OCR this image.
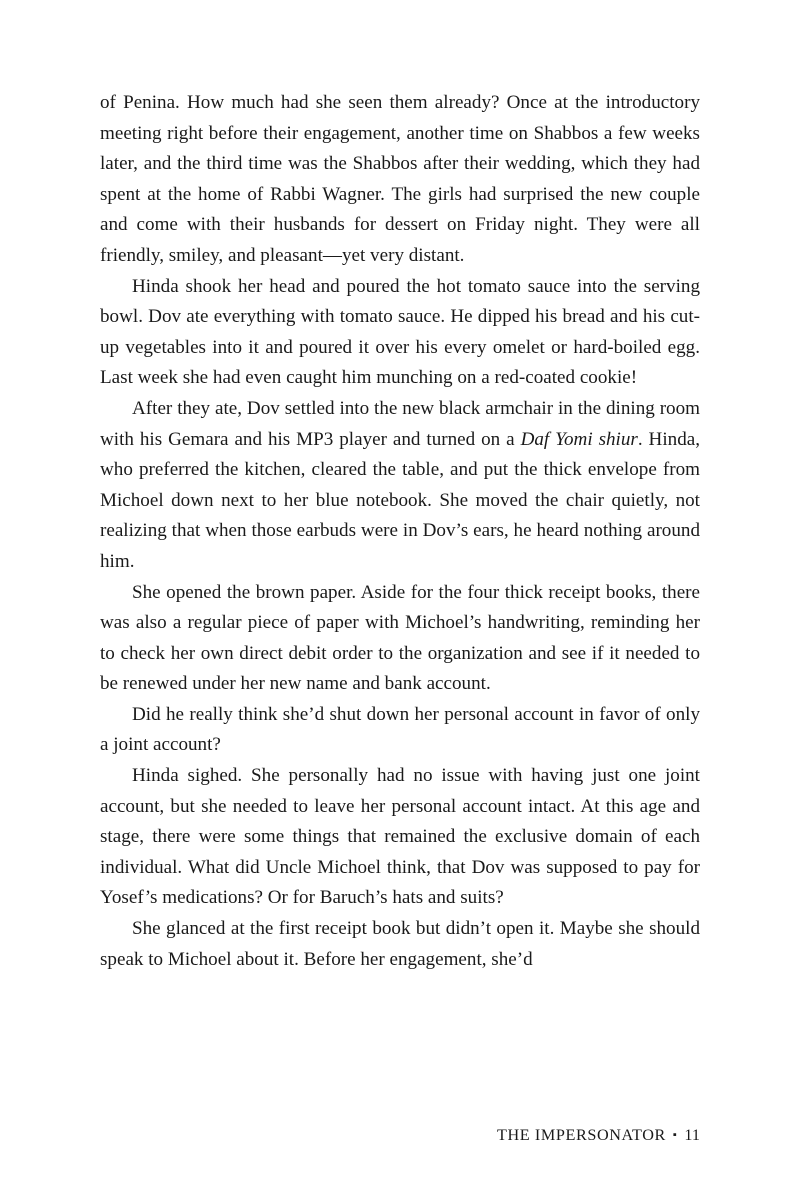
of Penina. How much had she seen them already? Once at the introductory meeting right before their engagement, another time on Shabbos a few weeks later, and the third time was the Shabbos after their wedding, which they had spent at the home of Rabbi Wagner. The girls had surprised the new couple and come with their husbands for dessert on Friday night. They were all friendly, smiley, and pleasant—yet very distant.

Hinda shook her head and poured the hot tomato sauce into the serving bowl. Dov ate everything with tomato sauce. He dipped his bread and his cut-up vegetables into it and poured it over his every omelet or hard-boiled egg. Last week she had even caught him munching on a red-coated cookie!

After they ate, Dov settled into the new black armchair in the dining room with his Gemara and his MP3 player and turned on a Daf Yomi shiur. Hinda, who preferred the kitchen, cleared the table, and put the thick envelope from Michoel down next to her blue notebook. She moved the chair quietly, not realizing that when those earbuds were in Dov’s ears, he heard nothing around him.

She opened the brown paper. Aside for the four thick receipt books, there was also a regular piece of paper with Michoel’s handwriting, reminding her to check her own direct debit order to the organization and see if it needed to be renewed under her new name and bank account.

Did he really think she’d shut down her personal account in favor of only a joint account?

Hinda sighed. She personally had no issue with having just one joint account, but she needed to leave her personal account intact. At this age and stage, there were some things that remained the exclusive domain of each individual. What did Uncle Michoel think, that Dov was supposed to pay for Yosef’s medications? Or for Baruch’s hats and suits?

She glanced at the first receipt book but didn’t open it. Maybe she should speak to Michoel about it. Before her engagement, she’d

THE IMPERSONATOR ▪ 11
